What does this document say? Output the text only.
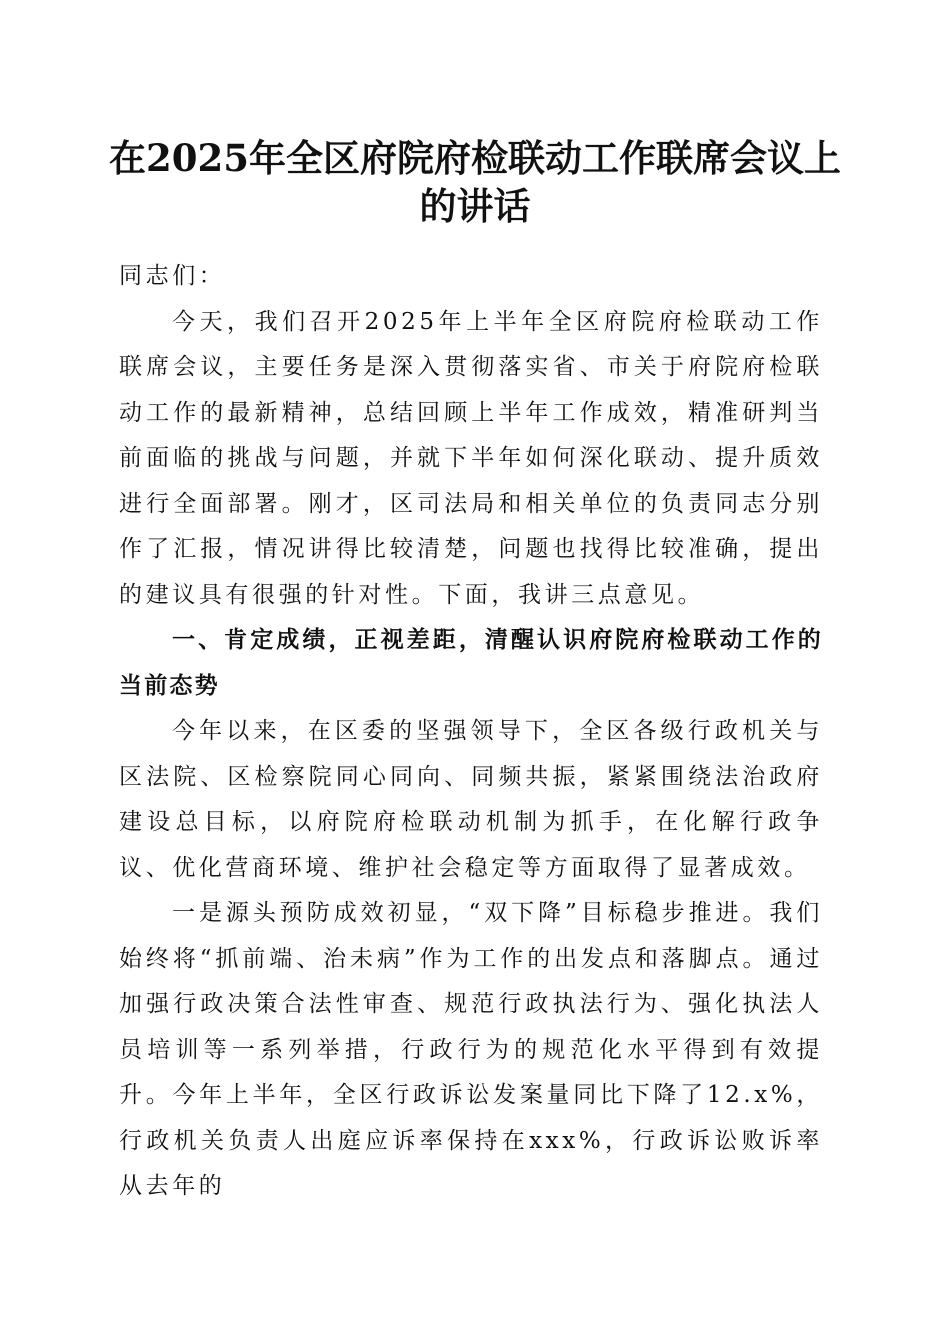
在2025年全区府院府检联动工作联席会议上
的讲话

同志们：

今天，我们召开2025年上半年全区府院府检联动工作联席会议，主要任务是深入贯彻落实省、市关于府院府检联动工作的最新精神，总结回顾上半年工作成效，精准研判当前面临的挑战与问题，并就下半年如何深化联动、提升质效进行全面部署。刚才，区司法局和相关单位的负责同志分别作了汇报，情况讲得比较清楚，问题也找得比较准确，提出的建议具有很强的针对性。下面，我讲三点意见。

一、肯定成绩，正视差距，清醒认识府院府检联动工作的当前态势

今年以来，在区委的坚强领导下，全区各级行政机关与区法院、区检察院同心同向、同频共振，紧紧围绕法治政府建设总目标，以府院府检联动机制为抓手，在化解行政争议、优化营商环境、维护社会稳定等方面取得了显著成效。

一是源头预防成效初显，“双下降”目标稳步推进。我们始终将“抓前端、治未病”作为工作的出发点和落脚点。通过加强行政决策合法性审查、规范行政执法行为、强化执法人员培训等一系列举措，行政行为的规范化水平得到有效提升。今年上半年，全区行政诉讼发案量同比下降了12.x%，行政机关负责人出庭应诉率保持在xxx%，行政诉讼败诉率从去年的
